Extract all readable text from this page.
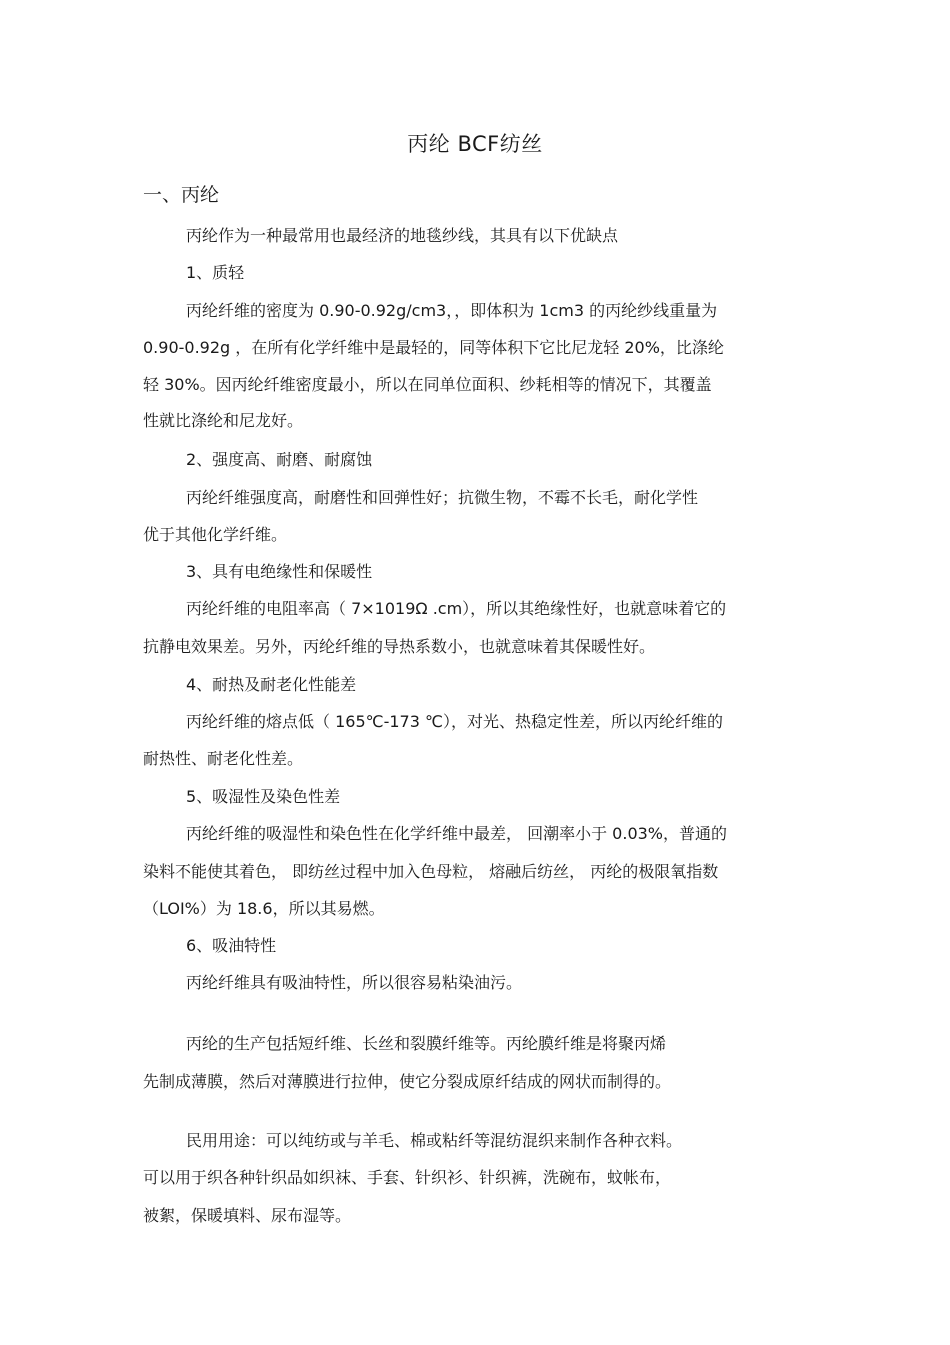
丙纶 BCF纺丝
一、丙纶
丙纶作为一种最常用也最经济的地毯纱线，其具有以下优缺点
1、质轻
丙纶纤维的密度为 0.90-0.92g/cm3，，即体积为 1cm3 的丙纶纱线重量为
0.90-0.92g ，在所有化学纤维中是最轻的，同等体积下它比尼龙轻 20%，比涤纶
轻 30%。因丙纶纤维密度最小，所以在同单位面积、纱耗相等的情况下，其覆盖
性就比涤纶和尼龙好。
2、强度高、耐磨、耐腐蚀
丙纶纤维强度高，耐磨性和回弹性好；抗微生物，不霉不长毛，耐化学性
优于其他化学纤维。
3、具有电绝缘性和保暖性
丙纶纤维的电阻率高（ 7×1019Ω .cm），所以其绝缘性好，也就意味着它的
抗静电效果差。另外，丙纶纤维的导热系数小，也就意味着其保暖性好。
4、耐热及耐老化性能差
丙纶纤维的熔点低（ 165℃-173 ℃），对光、热稳定性差，所以丙纶纤维的
耐热性、耐老化性差。
5、吸湿性及染色性差
丙纶纤维的吸湿性和染色性在化学纤维中最差， 回潮率小于 0.03%，普通的
染料不能使其着色， 即纺丝过程中加入色母粒， 熔融后纺丝， 丙纶的极限氧指数
（LOI%）为 18.6，所以其易燃。
6、吸油特性
丙纶纤维具有吸油特性，所以很容易粘染油污。
丙纶的生产包括短纤维、长丝和裂膜纤维等。丙纶膜纤维是将聚丙烯
先制成薄膜，然后对薄膜进行拉伸，使它分裂成原纤结成的网状而制得的。
民用用途：可以纯纺或与羊毛、棉或粘纤等混纺混织来制作各种衣料。
可以用于织各种针织品如织袜、手套、针织衫、针织裤，洗碗布，蚊帐布，
被絮，保暖填料、尿布湿等。
